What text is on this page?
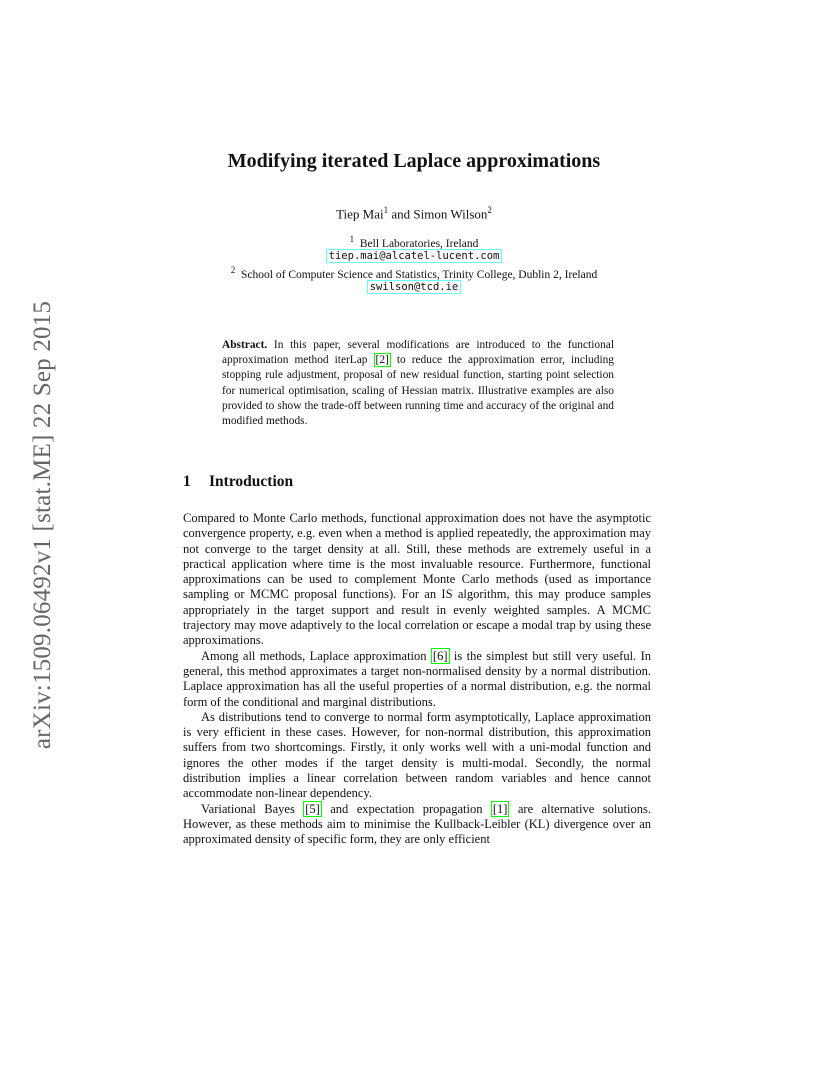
arXiv:1509.06492v1 [stat.ME] 22 Sep 2015
Modifying iterated Laplace approximations
Tiep Mai$^1$ and Simon Wilson$^2$
$^1$ Bell Laboratories, Ireland
tiep.mai@alcatel-lucent.com
$^2$ School of Computer Science and Statistics, Trinity College, Dublin 2, Ireland
swilson@tcd.ie
Abstract. In this paper, several modifications are introduced to the functional approximation method iterLap [2] to reduce the approximation error, including stopping rule adjustment, proposal of new residual function, starting point selection for numerical optimisation, scaling of Hessian matrix. Illustrative examples are also provided to show the trade-off between running time and accuracy of the original and modified methods.
1 Introduction

Compared to Monte Carlo methods, functional approximation does not have the asymptotic convergence property, e.g. even when a method is applied repeatedly, the approximation may not converge to the target density at all. Still, these methods are extremely useful in a practical application where time is the most invaluable resource. Furthermore, functional approximations can be used to complement Monte Carlo methods (used as importance sampling or MCMC proposal functions). For an IS algorithm, this may produce samples appropriately in the target support and result in evenly weighted samples. A MCMC trajectory may move adaptively to the local correlation or escape a modal trap by using these approximations.

Among all methods, Laplace approximation [6] is the simplest but still very useful. In general, this method approximates a target non-normalised density by a normal distribution. Laplace approximation has all the useful properties of a normal distribution, e.g. the normal form of the conditional and marginal distributions.

As distributions tend to converge to normal form asymptotically, Laplace approximation is very efficient in these cases. However, for non-normal distribution, this approximation suffers from two shortcomings. Firstly, it only works well with a uni-modal function and ignores the other modes if the target density is multi-modal. Secondly, the normal distribution implies a linear correlation between random variables and hence cannot accommodate non-linear dependency.

Variational Bayes [5] and expectation propagation [1] are alternative solutions. However, as these methods aim to minimise the Kullback-Leibler (KL) divergence over an approximated density of specific form, they are only efficient
